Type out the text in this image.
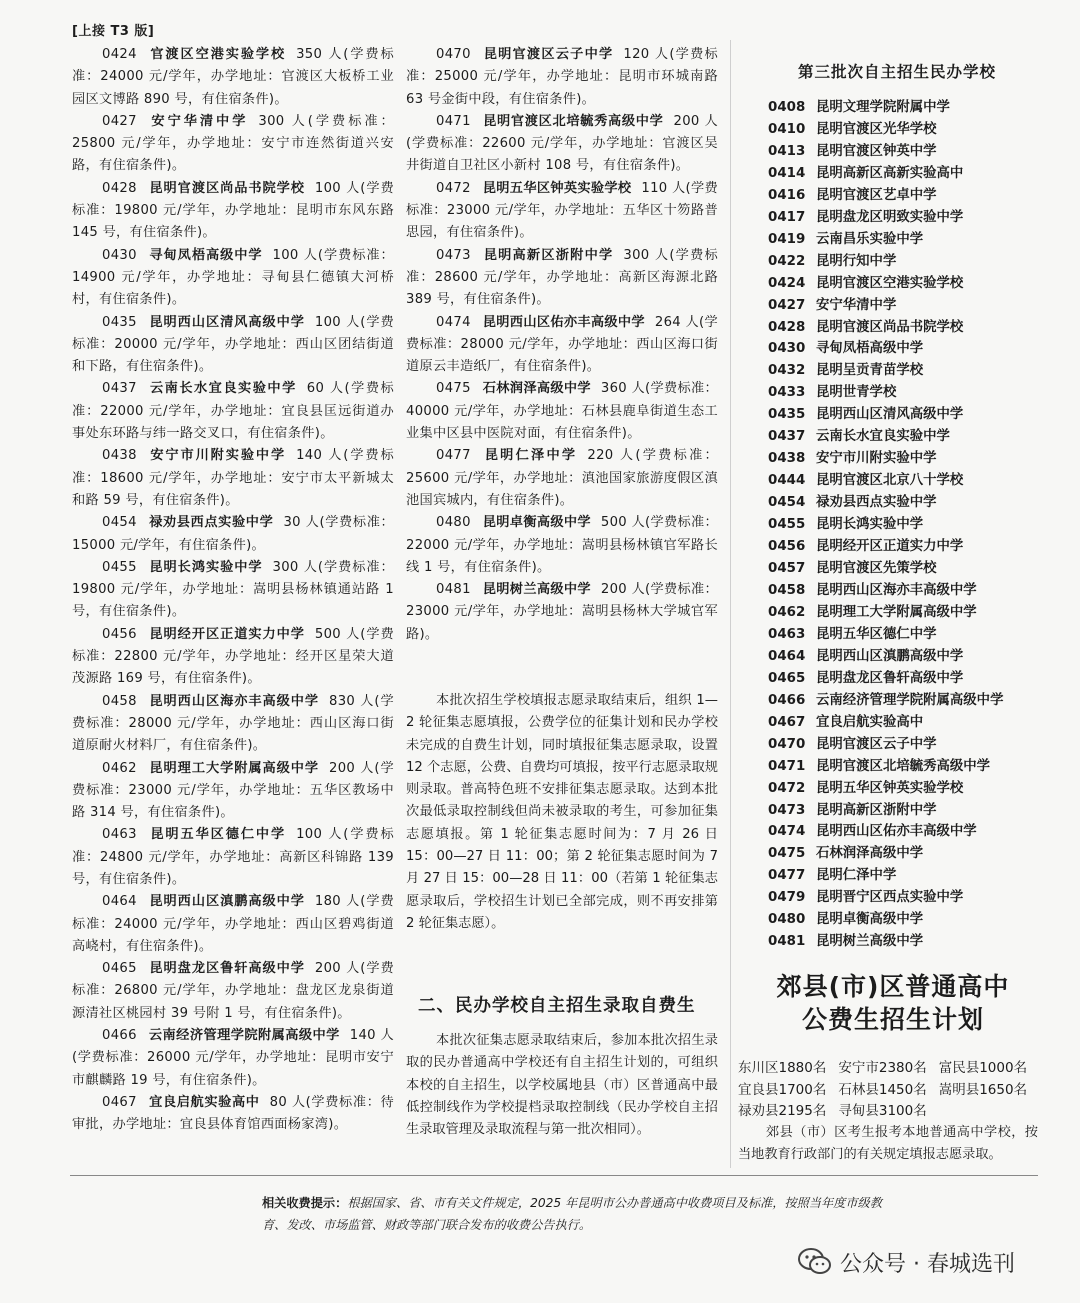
[上接 T3 版]

0424 官渡区空港实验学校 350 人(学费标准：24000 元/学年，办学地址：官渡区大板桥工业园区文博路 890 号，有住宿条件)。

0427 安宁华清中学 300 人(学费标准：25800 元/学年，办学地址：安宁市连然街道兴安路，有住宿条件)。

0428 昆明官渡区尚品书院学校 100 人(学费标准：19800 元/学年，办学地址：昆明市东风东路 145 号，有住宿条件)。

0430 寻甸凤梧高级中学 100 人(学费标准：14900 元/学年，办学地址：寻甸县仁德镇大河桥村，有住宿条件)。

0435 昆明西山区清风高级中学 100 人(学费标准：20000 元/学年，办学地址：西山区团结街道和下路，有住宿条件)。

0437 云南长水宜良实验中学 60 人(学费标准：22000 元/学年，办学地址：宜良县匡远街道办事处东环路与纬一路交叉口，有住宿条件)。

0438 安宁市川附实验中学 140 人(学费标准：18600 元/学年，办学地址：安宁市太平新城太和路 59 号，有住宿条件)。

0454 禄劝县西点实验中学 30 人(学费标准：15000 元/学年，有住宿条件)。

0455 昆明长鸿实验中学 300 人(学费标准：19800 元/学年，办学地址：嵩明县杨林镇通站路 1 号，有住宿条件)。

0456 昆明经开区正道实力中学 500 人(学费标准：22800 元/学年，办学地址：经开区星荣大道茂源路 169 号，有住宿条件)。

0458 昆明西山区海亦丰高级中学 830 人(学费标准：28000 元/学年，办学地址：西山区海口街道原耐火材料厂，有住宿条件)。

0462 昆明理工大学附属高级中学 200 人(学费标准：23000 元/学年，办学地址：五华区教场中路 314 号，有住宿条件)。

0463 昆明五华区德仁中学 100 人(学费标准：24800 元/学年，办学地址：高新区科锦路 139 号，有住宿条件)。

0464 昆明西山区滇鹏高级中学 180 人(学费标准：24000 元/学年，办学地址：西山区碧鸡街道高峣村，有住宿条件)。

0465 昆明盘龙区鲁轩高级中学 200 人(学费标准：26800 元/学年，办学地址：盘龙区龙泉街道源清社区桃园村 39 号附 1 号，有住宿条件)。

0466 云南经济管理学院附属高级中学 140 人(学费标准：26000 元/学年，办学地址：昆明市安宁市麒麟路 19 号，有住宿条件)。

0467 宜良启航实验高中 80 人(学费标准：待审批，办学地址：宜良县体育馆西面杨家湾)。

0470 昆明官渡区云子中学 120 人(学费标准：25000 元/学年，办学地址：昆明市环城南路 63 号金街中段，有住宿条件)。

0471 昆明官渡区北培毓秀高级中学 200 人(学费标准：22600 元/学年，办学地址：官渡区吴井街道自卫社区小新村 108 号，有住宿条件)。

0472 昆明五华区钟英实验学校 110 人(学费标准：23000 元/学年，办学地址：五华区十笏路普思园，有住宿条件)。

0473 昆明高新区浙附中学 300 人(学费标准：28600 元/学年，办学地址：高新区海源北路 389 号，有住宿条件)。

0474 昆明西山区佑亦丰高级中学 264 人(学费标准：28000 元/学年，办学地址：西山区海口街道原云丰造纸厂，有住宿条件)。

0475 石林润泽高级中学 360 人(学费标准：40000 元/学年，办学地址：石林县鹿阜街道生态工业集中区县中医院对面，有住宿条件)。

0477 昆明仁泽中学 220 人(学费标准：25600 元/学年，办学地址：滇池国家旅游度假区滇池国宾城内，有住宿条件)。

0480 昆明卓衡高级中学 500 人(学费标准：22000 元/学年，办学地址：嵩明县杨林镇官军路长线 1 号，有住宿条件)。

0481 昆明树兰高级中学 200 人(学费标准：23000 元/学年，办学地址：嵩明县杨林大学城官军路)。

本批次招生学校填报志愿录取结束后，组织 1—2 轮征集志愿填报，公费学位的征集计划和民办学校未完成的自费生计划，同时填报征集志愿录取，设置 12 个志愿，公费、自费均可填报，按平行志愿录取规则录取。普高特色班不安排征集志愿录取。达到本批次最低录取控制线但尚未被录取的考生，可参加征集志愿填报。第 1 轮征集志愿时间为：7 月 26 日 15：00—27 日 11：00；第 2 轮征集志愿时间为 7 月 27 日 15：00—28 日 11：00（若第 1 轮征集志愿录取后，学校招生计划已全部完成，则不再安排第 2 轮征集志愿）。
二、民办学校自主招生录取自费生
本批次征集志愿录取结束后，参加本批次招生录取的民办普通高中学校还有自主招生计划的，可组织本校的自主招生，以学校属地县（市）区普通高中最低控制线作为学校提档录取控制线（民办学校自主招生录取管理及录取流程与第一批次相同）。
第三批次自主招生民办学校
0408 昆明文理学院附属中学
0410 昆明官渡区光华学校
0413 昆明官渡区钟英中学
0414 昆明高新区高新实验高中
0416 昆明官渡区艺卓中学
0417 昆明盘龙区明致实验中学
0419 云南昌乐实验中学
0422 昆明行知中学
0424 昆明官渡区空港实验学校
0427 安宁华清中学
0428 昆明官渡区尚品书院学校
0430 寻甸凤梧高级中学
0432 昆明呈贡青苗学校
0433 昆明世青学校
0435 昆明西山区清风高级中学
0437 云南长水宜良实验中学
0438 安宁市川附实验中学
0444 昆明官渡区北京八十学校
0454 禄劝县西点实验中学
0455 昆明长鸿实验中学
0456 昆明经开区正道实力中学
0457 昆明官渡区先策学校
0458 昆明西山区海亦丰高级中学
0462 昆明理工大学附属高级中学
0463 昆明五华区德仁中学
0464 昆明西山区滇鹏高级中学
0465 昆明盘龙区鲁轩高级中学
0466 云南经济管理学院附属高级中学
0467 宜良启航实验高中
0470 昆明官渡区云子中学
0471 昆明官渡区北培毓秀高级中学
0472 昆明五华区钟英实验学校
0473 昆明高新区浙附中学
0474 昆明西山区佑亦丰高级中学
0475 石林润泽高级中学
0477 昆明仁泽中学
0479 昆明晋宁区西点实验中学
0480 昆明卓衡高级中学
0481 昆明树兰高级中学
郊县(市)区普通高中
公费生招生计划
东川区1880名 安宁市2380名 富民县1000名
宜良县1700名 石林县1450名 嵩明县1650名
禄劝县2195名 寻甸县3100名
郊县（市）区考生报考本地普通高中学校，按当地教育行政部门的有关规定填报志愿录取。
相关收费提示：根据国家、省、市有关文件规定，2025 年昆明市公办普通高中收费项目及标准，按照当年度市级教育、发改、市场监管、财政等部门联合发布的收费公告执行。
公众号 · 春城选刊
